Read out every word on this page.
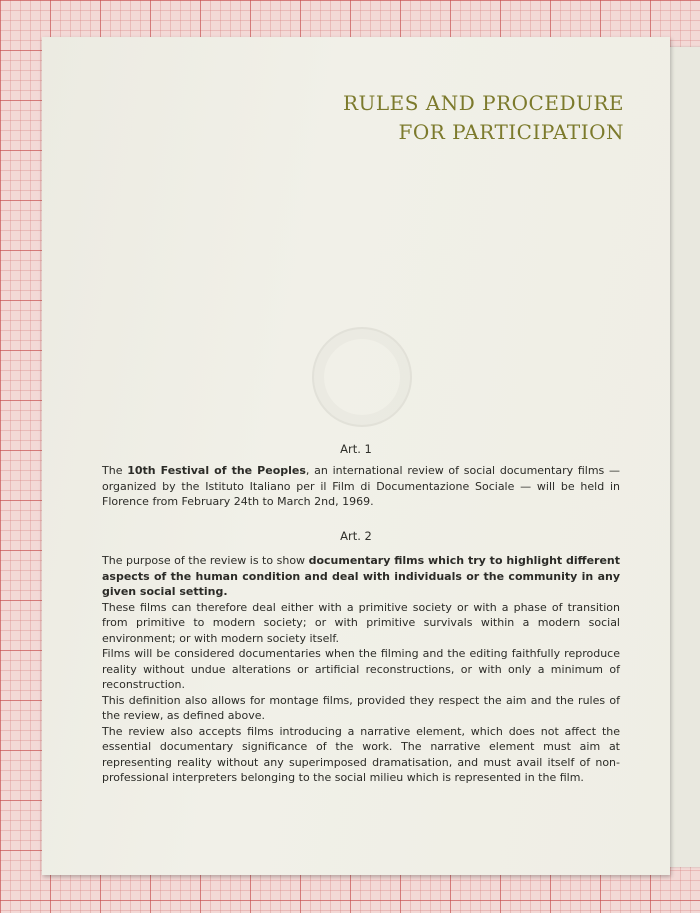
RULES AND PROCEDURE
FOR PARTICIPATION
Art. 1

The 10th Festival of the Peoples, an international review of social documentary films — organized by the Istituto Italiano per il Film di Documentazione Sociale — will be held in Florence from February 24th to March 2nd, 1969.

Art. 2

The purpose of the review is to show documentary films which try to highlight different aspects of the human condition and deal with individuals or the community in any given social setting.

These films can therefore deal either with a primitive society or with a phase of transition from primitive to modern society; or with primitive survivals within a modern social environment; or with modern society itself.

Films will be considered documentaries when the filming and the editing faithfully reproduce reality without undue alterations or artificial reconstructions, or with only a minimum of reconstruction.

This definition also allows for montage films, provided they respect the aim and the rules of the review, as defined above.

The review also accepts films introducing a narrative element, which does not affect the essential documentary significance of the work. The narrative element must aim at representing reality without any superimposed dramatisation, and must avail itself of non-professional interpreters belonging to the social milieu which is represented in the film.
